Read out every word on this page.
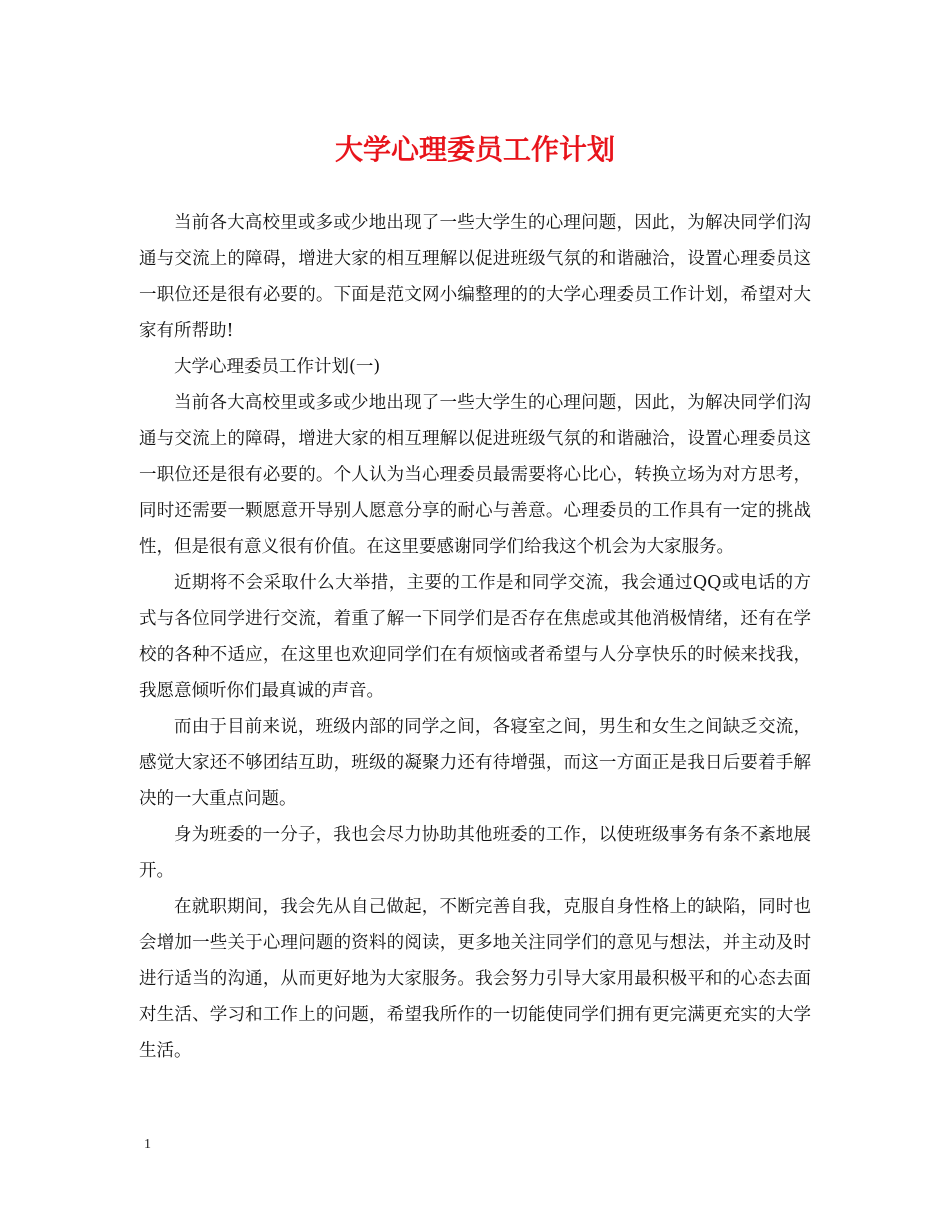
大学心理委员工作计划

当前各大高校里或多或少地出现了一些大学生的心理问题，因此，为解决同学们沟通与交流上的障碍，增进大家的相互理解以促进班级气氛的和谐融洽，设置心理委员这一职位还是很有必要的。下面是范文网小编整理的的大学心理委员工作计划，希望对大家有所帮助!

大学心理委员工作计划(一)

当前各大高校里或多或少地出现了一些大学生的心理问题，因此，为解决同学们沟通与交流上的障碍，增进大家的相互理解以促进班级气氛的和谐融洽，设置心理委员这一职位还是很有必要的。个人认为当心理委员最需要将心比心，转换立场为对方思考，同时还需要一颗愿意开导别人愿意分享的耐心与善意。心理委员的工作具有一定的挑战性，但是很有意义很有价值。在这里要感谢同学们给我这个机会为大家服务。

近期将不会采取什么大举措，主要的工作是和同学交流，我会通过QQ或电话的方式与各位同学进行交流，着重了解一下同学们是否存在焦虑或其他消极情绪，还有在学校的各种不适应，在这里也欢迎同学们在有烦恼或者希望与人分享快乐的时候来找我，我愿意倾听你们最真诚的声音。

而由于目前来说，班级内部的同学之间，各寝室之间，男生和女生之间缺乏交流，感觉大家还不够团结互助，班级的凝聚力还有待增强，而这一方面正是我日后要着手解决的一大重点问题。

身为班委的一分子，我也会尽力协助其他班委的工作，以使班级事务有条不紊地展开。

在就职期间，我会先从自己做起，不断完善自我，克服自身性格上的缺陷，同时也会增加一些关于心理问题的资料的阅读，更多地关注同学们的意见与想法，并主动及时进行适当的沟通，从而更好地为大家服务。我会努力引导大家用最积极平和的心态去面对生活、学习和工作上的问题，希望我所作的一切能使同学们拥有更完满更充实的大学生活。

1
